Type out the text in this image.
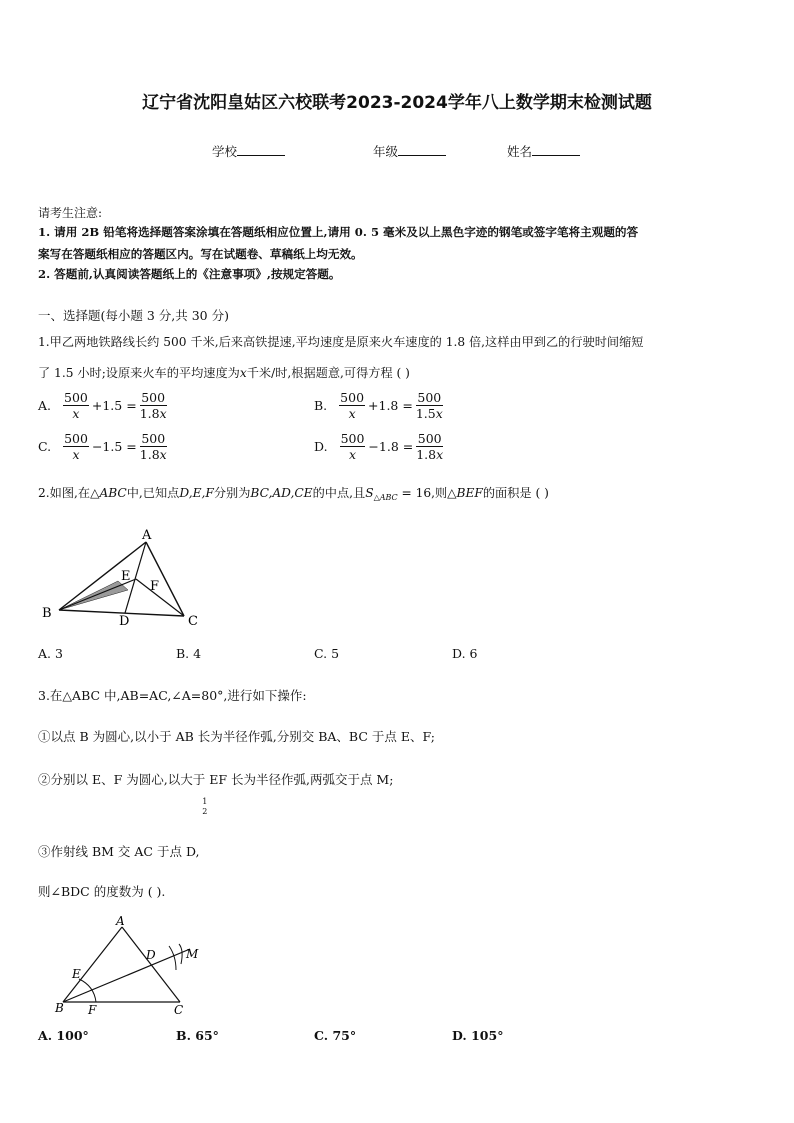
辽宁省沈阳皇姑区六校联考2023-2024学年八上数学期末检测试题
学校	年级	姓名
请考生注意:
1. 请用 2B 铅笔将选择题答案涂填在答题纸相应位置上,请用 0. 5 毫米及以上黑色字迹的钢笔或签字笔将主观题的答
案写在答题纸相应的答题区内。写在试题卷、草稿纸上均无效。
2. 答题前,认真阅读答题纸上的《注意事项》,按规定答题。
一、选择题(每小题 3 分,共 30 分)
1.甲乙两地铁路线长约 500 千米,后来高铁提速,平均速度是原来火车速度的 1.8 倍,这样由甲到乙的行驶时间缩短
了 1.5 小时;设原来火车的平均速度为x千米/时,根据题意,可得方程 ( )
A. $\frac{500}{x} +1.5 = \frac{500}{1.8x}$	B. $\frac{500}{x} +1.8 = \frac{500}{1.5x}$
C. $\frac{500}{x} -1.5 = \frac{500}{1.8x}$	D. $\frac{500}{x} -1.8 = \frac{500}{1.8x}$
2.如图,在△ABC中,已知点D,E,F分别为BC,AD,CE的中点,且$S_{\triangle ABC} = 16$,则△BEF的面积是 ( )
A
B
C
D
E
F
A. 3	B. 4	C. 5	D. 6
3.在△ABC 中,AB=AC,∠A=80°,进行如下操作:
①以点 B 为圆心,以小于 AB 长为半径作弧,分别交 BA、BC 于点 E、F;
②分别以 E、F 为圆心,以大于
1
2
EF 长为半径作弧,两弧交于点 M;
③作射线 BM 交 AC 于点 D,
则∠BDC 的度数为 ( ).
A
B	C
D
E
F
M
A. 100°	B. 65°	C. 75°	D. 105°
